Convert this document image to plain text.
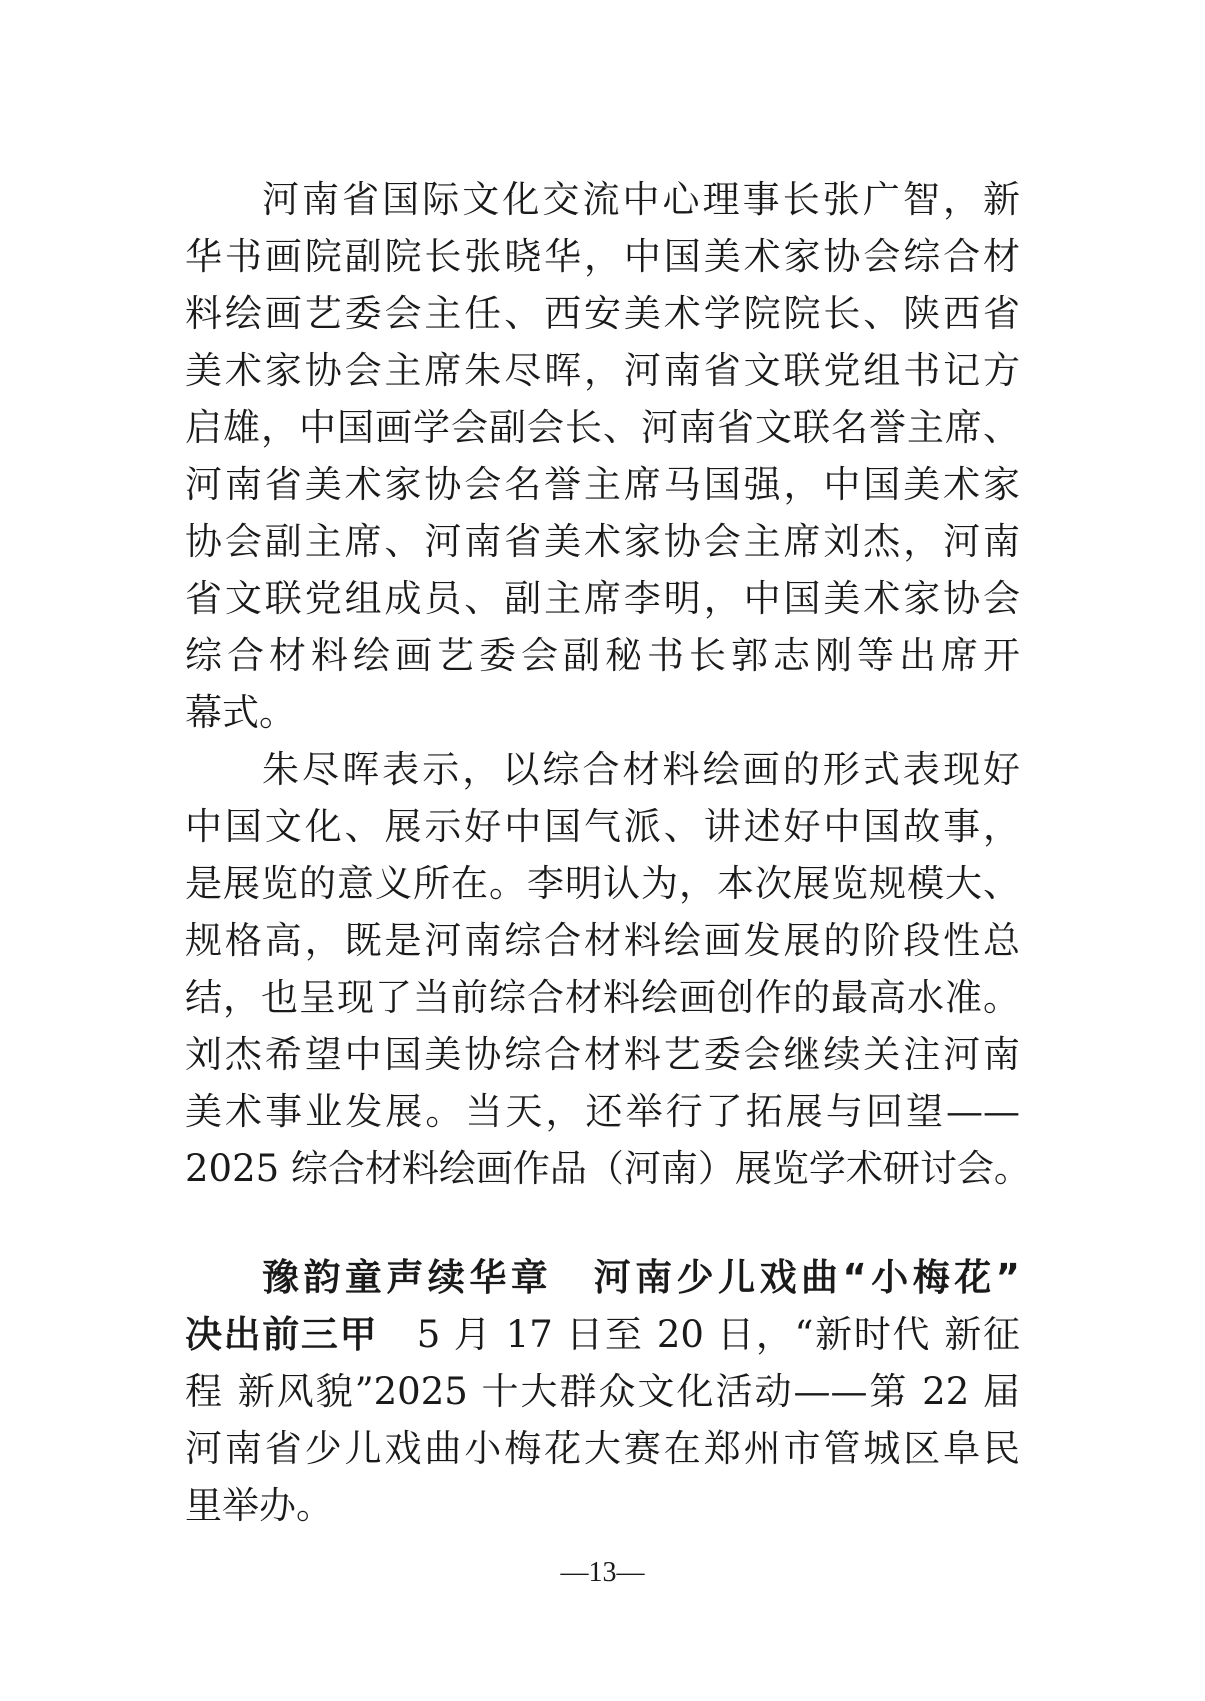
河南省国际文化交流中心理事长张广智，新
华书画院副院长张晓华，中国美术家协会综合材
料绘画艺委会主任、西安美术学院院长、陕西省
美术家协会主席朱尽晖，河南省文联党组书记方
启雄，中国画学会副会长、河南省文联名誉主席、
河南省美术家协会名誉主席马国强，中国美术家
协会副主席、河南省美术家协会主席刘杰，河南
省文联党组成员、副主席李明，中国美术家协会
综合材料绘画艺委会副秘书长郭志刚等出席开
幕式。
朱尽晖表示，以综合材料绘画的形式表现好
中国文化、展示好中国气派、讲述好中国故事，
是展览的意义所在。李明认为，本次展览规模大、
规格高，既是河南综合材料绘画发展的阶段性总
结，也呈现了当前综合材料绘画创作的最高水准。
刘杰希望中国美协综合材料艺委会继续关注河南
美术事业发展。当天，还举行了拓展与回望——
2025 综合材料绘画作品（河南）展览学术研讨会。
豫韵童声续华章　河南少儿戏曲“小梅花”
决出前三甲　5 月 17 日至 20 日，“新时代 新征
程 新风貌”2025 十大群众文化活动——第 22 届
河南省少儿戏曲小梅花大赛在郑州市管城区阜民
里举办。
—13—
